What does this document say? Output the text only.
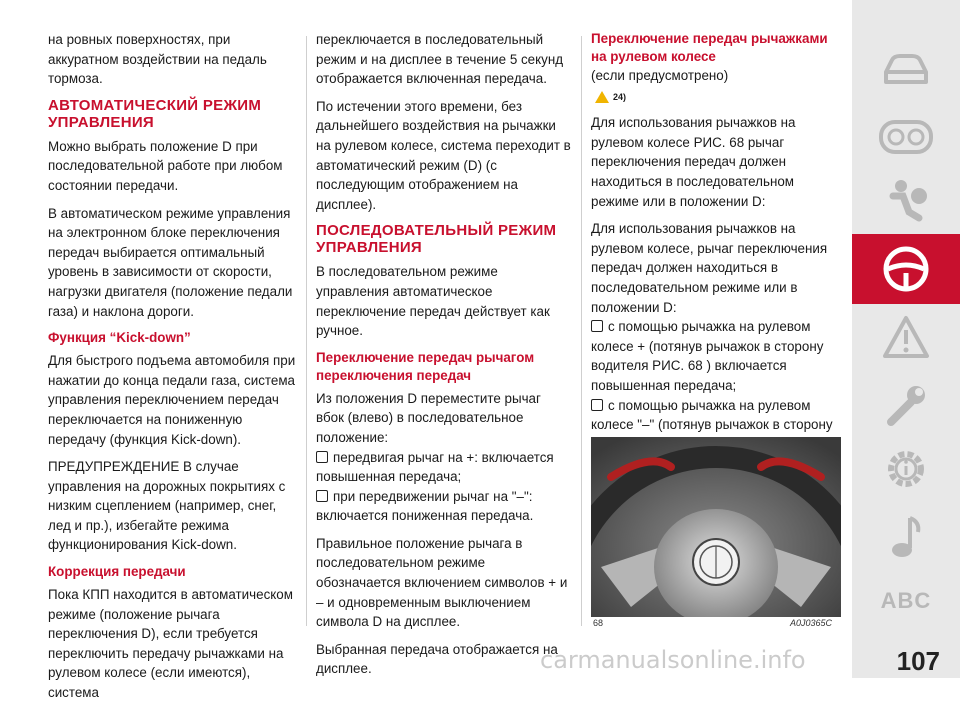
на ровных поверхностях, при аккуратном воздействии на педаль тормоза.

АВТОМАТИЧЕСКИЙ РЕЖИМ УПРАВЛЕНИЯ

Можно выбрать положение D при последовательной работе при любом состоянии передачи.

В автоматическом режиме управления на электронном блоке переключения передач выбирается оптимальный уровень в зависимости от скорости, нагрузки двигателя (положение педали газа) и наклона дороги.

Функция “Kick-down”

Для быстрого подъема автомобиля при нажатии до конца педали газа, система управления переключением передач переключается на пониженную передачу (функция Kick-down).

ПРЕДУПРЕЖДЕНИЕ В случае управления на дорожных покрытиях с низким сцеплением (например, снег, лед и пр.), избегайте режима функционирования Kick-down.

Коррекция передачи

Пока КПП находится в автоматическом режиме (положение рычага переключения D), если требуется переключить передачу рычажками на рулевом колесе (если имеются), система

переключается в последовательный режим и на дисплее в течение 5 секунд отображается включенная передача.

По истечении этого времени, без дальнейшего воздействия на рычажки на рулевом колесе, система переходит в автоматический режим (D) (с последующим отображением на дисплее).

ПОСЛЕДОВАТЕЛЬНЫЙ РЕЖИМ УПРАВЛЕНИЯ

В последовательном режиме управления автоматическое переключение передач действует как ручное.

Переключение передач рычагом переключения передач

Из положения D переместите рычаг вбок (влево) в последовательное положение:

передвигая рычаг на +: включается повышенная передача;

при передвижении рычаг на "–": включается пониженная передача.

Правильное положение рычага в последовательном режиме обозначается включением символов + и – и одновременным выключением символа D на дисплее.

Выбранная передача отображается на дисплее.

Переключение передач рычажками на рулевом колесе
(если предусмотрено)
24)

Для использования рычажков на рулевом колесе РИС. 68 рычаг переключения передач должен находиться в последовательном режиме или в положении D:

Для использования рычажков на рулевом колесе, рычаг переключения передач должен находиться в последовательном режиме или в положении D:

с помощью рычажка на рулевом колесе + (потянув рычажок в сторону водителя РИС. 68 ) включается повышенная передача;

с помощью рычажка на рулевом колесе "–" (потянув рычажок в сторону

68	A0J0365C
ABC
carmanualsonline.info	107
